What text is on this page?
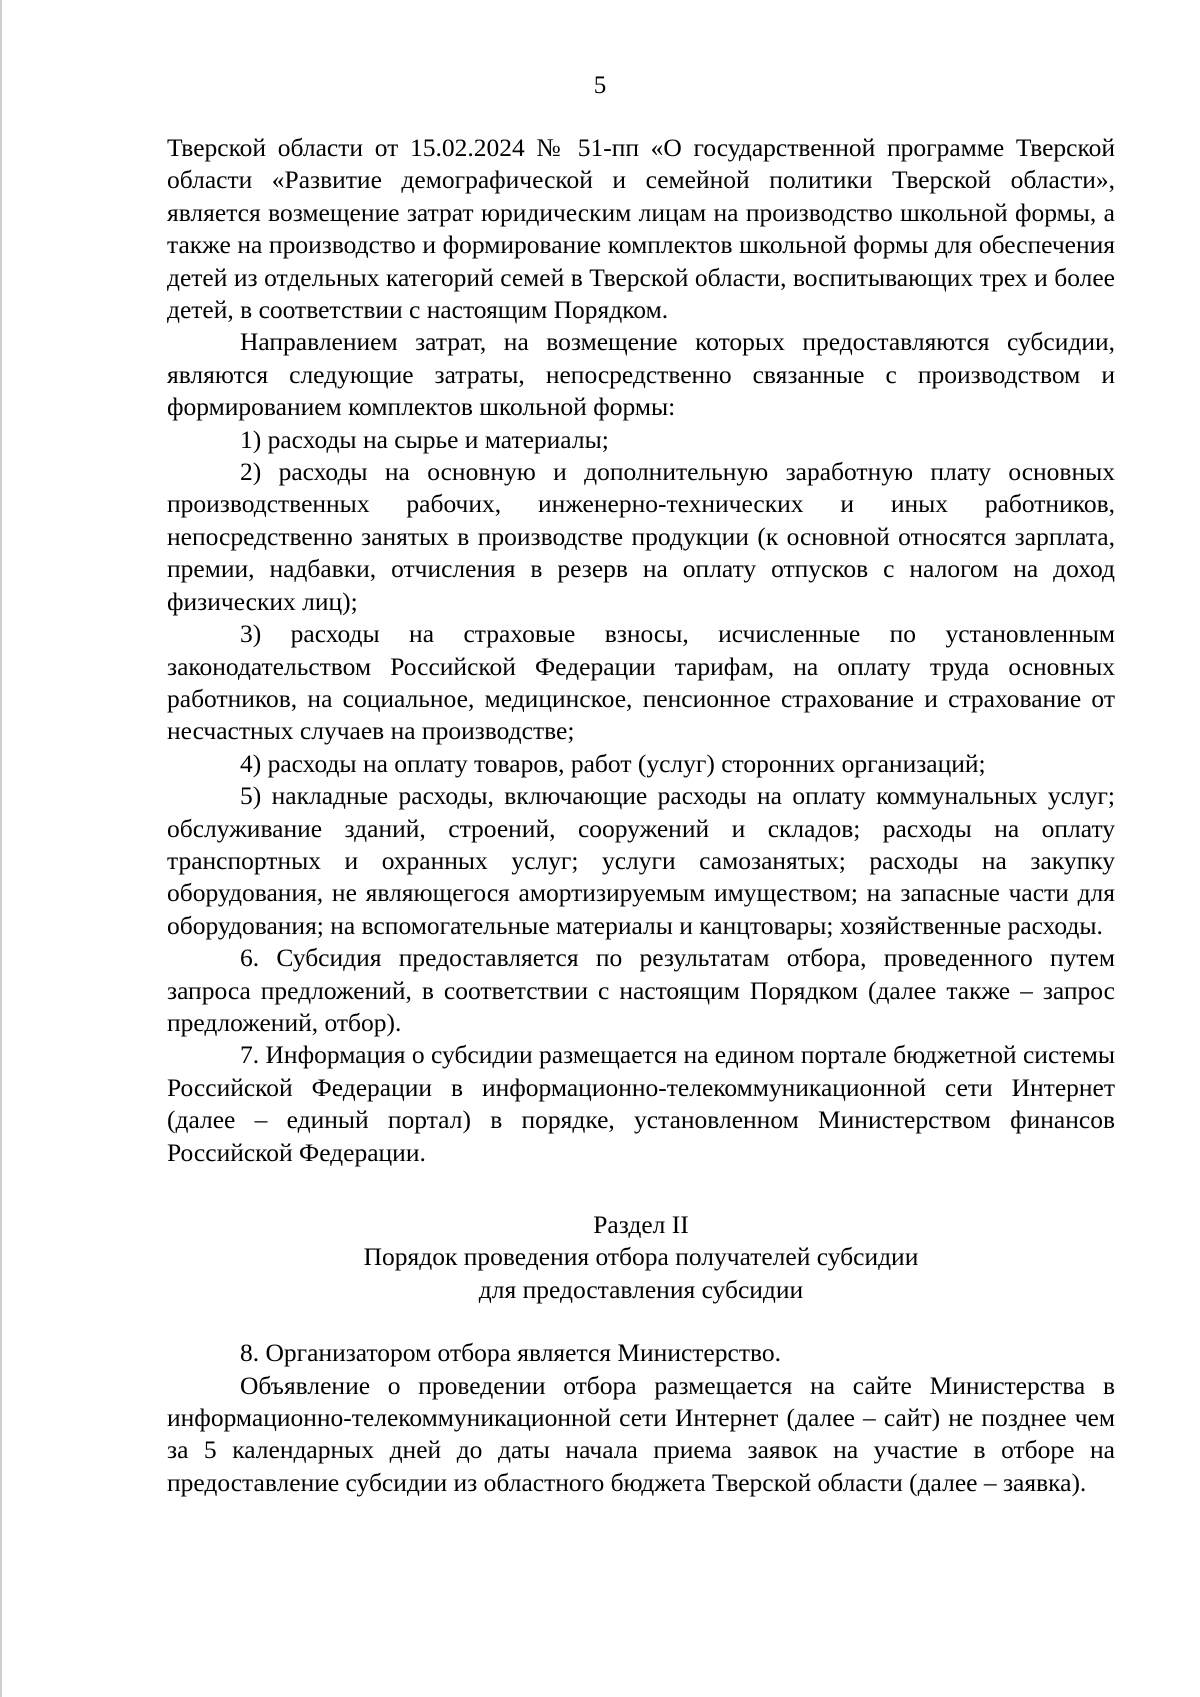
5

Тверской области от 15.02.2024 № 51-пп «О государственной программе Тверской области «Развитие демографической и семейной политики Тверской области», является возмещение затрат юридическим лицам на производство школьной формы, а также на производство и формирование комплектов школьной формы для обеспечения детей из отдельных категорий семей в Тверской области, воспитывающих трех и более детей, в соответствии с настоящим Порядком.

Направлением затрат, на возмещение которых предоставляются субсидии, являются следующие затраты, непосредственно связанные с производством и формированием комплектов школьной формы:

1) расходы на сырье и материалы;

2) расходы на основную и дополнительную заработную плату основных производственных рабочих, инженерно-технических и иных работников, непосредственно занятых в производстве продукции (к основной относятся зарплата, премии, надбавки, отчисления в резерв на оплату отпусков с налогом на доход физических лиц);

3) расходы на страховые взносы, исчисленные по установленным законодательством Российской Федерации тарифам, на оплату труда основных работников, на социальное, медицинское, пенсионное страхование и страхование от несчастных случаев на производстве;

4) расходы на оплату товаров, работ (услуг) сторонних организаций;

5) накладные расходы, включающие расходы на оплату коммунальных услуг; обслуживание зданий, строений, сооружений и складов; расходы на оплату транспортных и охранных услуг; услуги самозанятых; расходы на закупку оборудования, не являющегося амортизируемым имуществом; на запасные части для оборудования; на вспомогательные материалы и канцтовары; хозяйственные расходы.

6. Субсидия предоставляется по результатам отбора, проведенного путем запроса предложений, в соответствии с настоящим Порядком (далее также – запрос предложений, отбор).

7. Информация о субсидии размещается на едином портале бюджетной системы Российской Федерации в информационно-телекоммуникационной сети Интернет (далее – единый портал) в порядке, установленном Министерством финансов Российской Федерации.

Раздел II
Порядок проведения отбора получателей субсидии
для предоставления субсидии

8. Организатором отбора является Министерство.

Объявление о проведении отбора размещается на сайте Министерства в информационно-телекоммуникационной сети Интернет (далее – сайт) не позднее чем за 5 календарных дней до даты начала приема заявок на участие в отборе на предоставление субсидии из областного бюджета Тверской области (далее – заявка).
